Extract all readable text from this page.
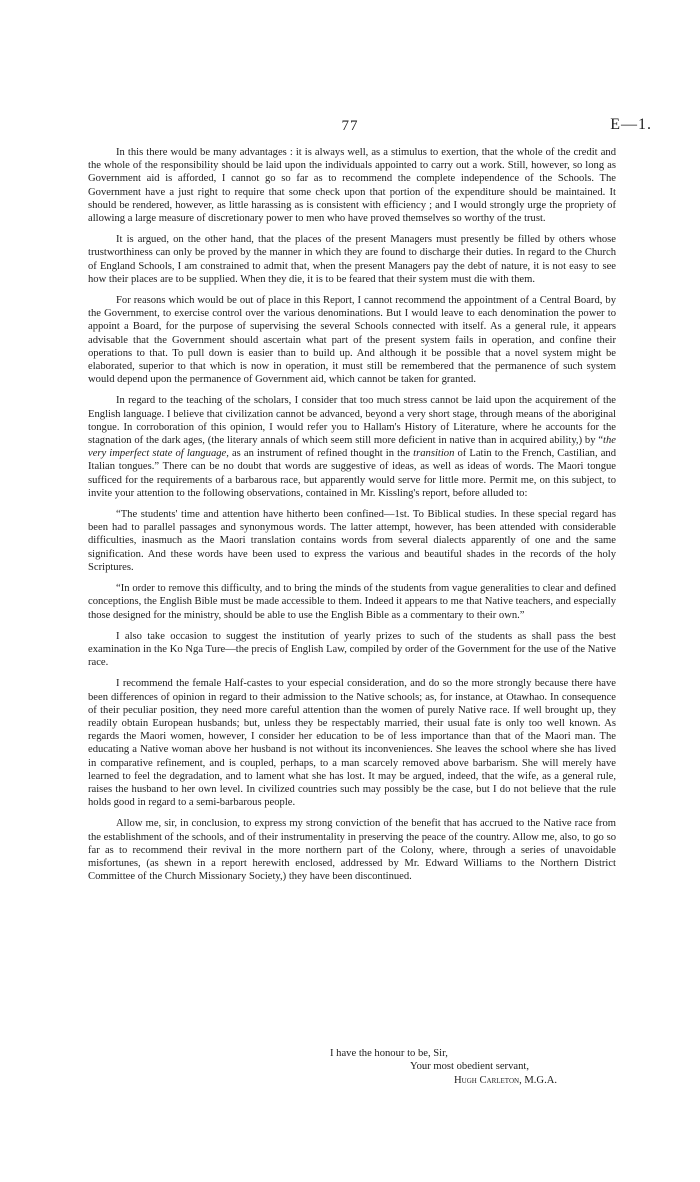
77	E—1.

In this there would be many advantages : it is always well, as a stimulus to exertion, that the whole of the credit and the whole of the responsibility should be laid upon the individuals appointed to carry out a work. Still, however, so long as Government aid is afforded, I cannot go so far as to recommend the complete independence of the Schools. The Government have a just right to require that some check upon that portion of the expenditure should be maintained. It should be rendered, however, as little harassing as is consistent with efficiency ; and I would strongly urge the propriety of allowing a large measure of discretionary power to men who have proved themselves so worthy of the trust.

It is argued, on the other hand, that the places of the present Managers must presently be filled by others whose trustworthiness can only be proved by the manner in which they are found to discharge their duties. In regard to the Church of England Schools, I am constrained to admit that, when the present Managers pay the debt of nature, it is not easy to see how their places are to be supplied. When they die, it is to be feared that their system must die with them.

For reasons which would be out of place in this Report, I cannot recommend the appointment of a Central Board, by the Government, to exercise control over the various denominations. But I would leave to each denomination the power to appoint a Board, for the purpose of supervising the several Schools connected with itself. As a general rule, it appears advisable that the Government should ascertain what part of the present system fails in operation, and confine their operations to that. To pull down is easier than to build up. And although it be possible that a novel system might be elaborated, superior to that which is now in operation, it must still be remembered that the permanence of such system would depend upon the permanence of Government aid, which cannot be taken for granted.

In regard to the teaching of the scholars, I consider that too much stress cannot be laid upon the acquirement of the English language. I believe that civilization cannot be advanced, beyond a very short stage, through means of the aboriginal tongue. In corroboration of this opinion, I would refer you to Hallam's History of Literature, where he accounts for the stagnation of the dark ages, (the literary annals of which seem still more deficient in native than in acquired ability,) by “the very imperfect state of language, as an instrument of refined thought in the transition of Latin to the French, Castilian, and Italian tongues.” There can be no doubt that words are suggestive of ideas, as well as ideas of words. The Maori tongue sufficed for the requirements of a barbarous race, but apparently would serve for little more. Permit me, on this subject, to invite your attention to the following observations, contained in Mr. Kissling's report, before alluded to:

“The students' time and attention have hitherto been confined—1st. To Biblical studies. In these special regard has been had to parallel passages and synonymous words. The latter attempt, however, has been attended with considerable difficulties, inasmuch as the Maori translation contains words from several dialects apparently of one and the same signification. And these words have been used to express the various and beautiful shades in the records of the holy Scriptures.

“In order to remove this difficulty, and to bring the minds of the students from vague generalities to clear and defined conceptions, the English Bible must be made accessible to them. Indeed it appears to me that Native teachers, and especially those designed for the ministry, should be able to use the English Bible as a commentary to their own.”

I also take occasion to suggest the institution of yearly prizes to such of the students as shall pass the best examination in the Ko Nga Ture—the precis of English Law, compiled by order of the Government for the use of the Native race.

I recommend the female Half-castes to your especial consideration, and do so the more strongly because there have been differences of opinion in regard to their admission to the Native schools; as, for instance, at Otawhao. In consequence of their peculiar position, they need more careful attention than the women of purely Native race. If well brought up, they readily obtain European husbands; but, unless they be respectably married, their usual fate is only too well known. As regards the Maori women, however, I consider her education to be of less importance than that of the Maori man. The educating a Native woman above her husband is not without its inconveniences. She leaves the school where she has lived in comparative refinement, and is coupled, perhaps, to a man scarcely removed above barbarism. She will merely have learned to feel the degradation, and to lament what she has lost. It may be argued, indeed, that the wife, as a general rule, raises the husband to her own level. In civilized countries such may possibly be the case, but I do not believe that the rule holds good in regard to a semi-barbarous people.

Allow me, sir, in conclusion, to express my strong conviction of the benefit that has accrued to the Native race from the establishment of the schools, and of their instrumentality in preserving the peace of the country. Allow me, also, to go so far as to recommend their revival in the more northern part of the Colony, where, through a series of unavoidable misfortunes, (as shewn in a report herewith enclosed, addressed by Mr. Edward Williams to the Northern District Committee of the Church Missionary Society,) they have been discontinued.

I have the honour to be, Sir,
Your most obedient servant,
Hugh Carleton, M.G.A.
